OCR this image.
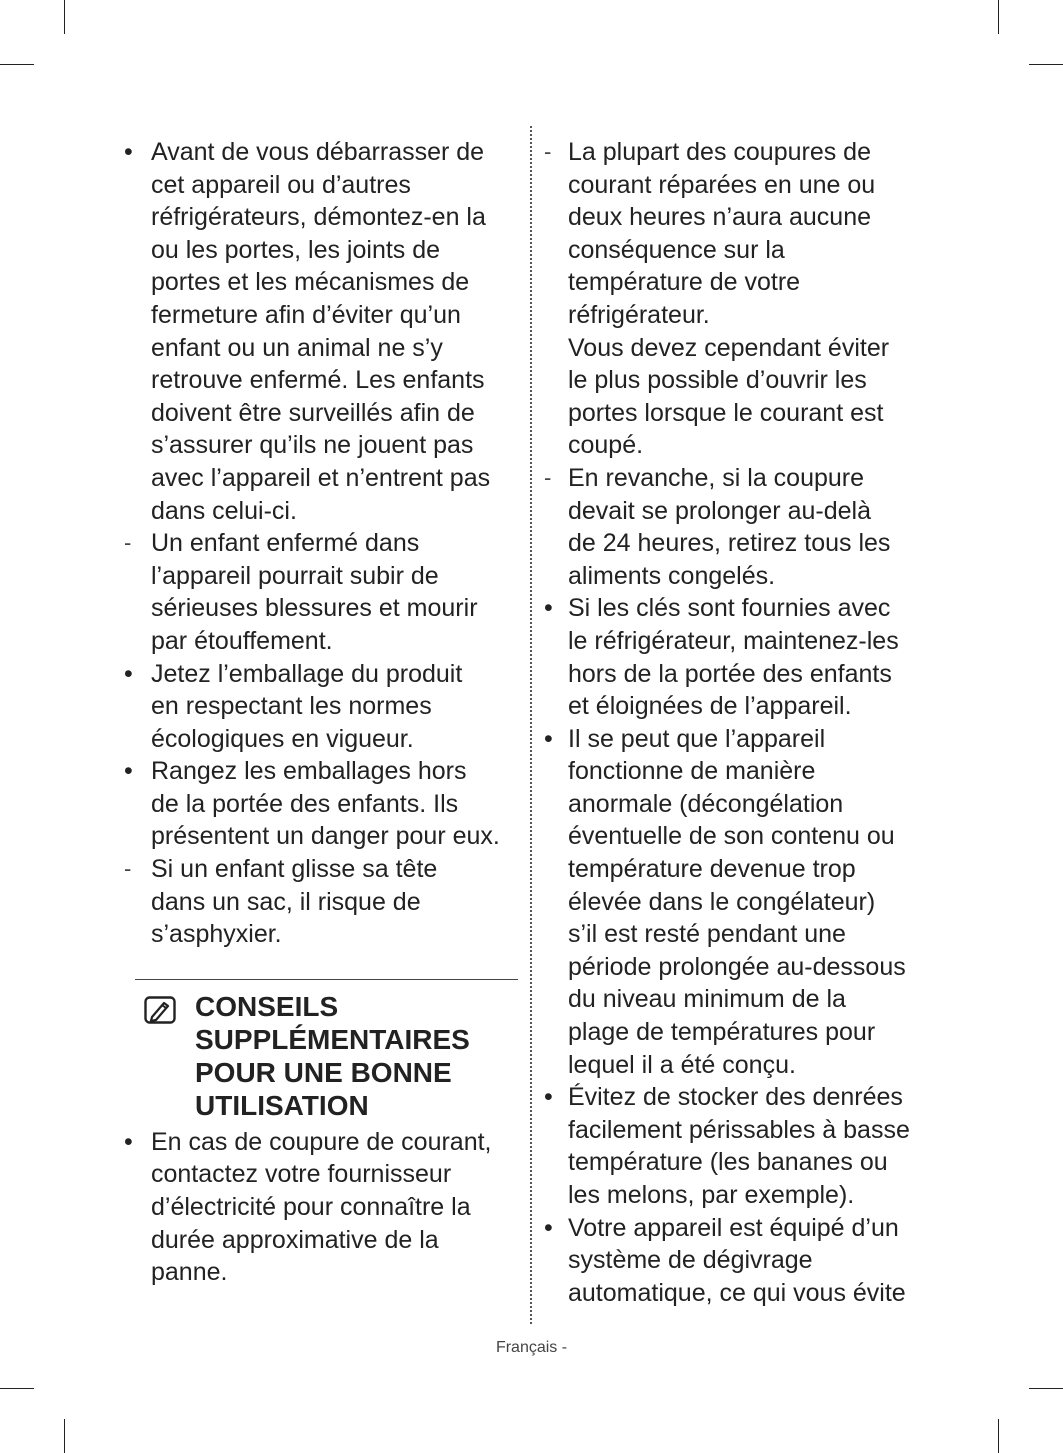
• Avant de vous débarrasser de
cet appareil ou d’autres
réfrigérateurs, démontez-en la
ou les portes, les joints de
portes et les mécanismes de
fermeture afin d’éviter qu’un
enfant ou un animal ne s’y
retrouve enfermé. Les enfants
doivent être surveillés afin de
s’assurer qu’ils ne jouent pas
avec l’appareil et n’entrent pas
dans celui-ci.
- Un enfant enfermé dans
l’appareil pourrait subir de
sérieuses blessures et mourir
par étouffement.
• Jetez l’emballage du produit
en respectant les normes
écologiques en vigueur.
• Rangez les emballages hors
de la portée des enfants. Ils
présentent un danger pour eux.
- Si un enfant glisse sa tête
dans un sac, il risque de
s’asphyxier.
CONSEILS
SUPPLÉMENTAIRES
POUR UNE BONNE
UTILISATION
• En cas de coupure de courant,
contactez votre fournisseur
d’électricité pour connaître la
durée approximative de la
panne.
- La plupart des coupures de
courant réparées en une ou
deux heures n’aura aucune
conséquence sur la
température de votre
réfrigérateur.
Vous devez cependant éviter
le plus possible d’ouvrir les
portes lorsque le courant est
coupé.
- En revanche, si la coupure
devait se prolonger au-delà
de 24 heures, retirez tous les
aliments congelés.
• Si les clés sont fournies avec
le réfrigérateur, maintenez-les
hors de la portée des enfants
et éloignées de l’appareil.
• Il se peut que l’appareil
fonctionne de manière
anormale (décongélation
éventuelle de son contenu ou
température devenue trop
élevée dans le congélateur)
s’il est resté pendant une
période prolongée au-dessous
du niveau minimum de la
plage de températures pour
lequel il a été conçu.
• Évitez de stocker des denrées
facilement périssables à basse
température (les bananes ou
les melons, par exemple).
• Votre appareil est équipé d’un
système de dégivrage
automatique, ce qui vous évite
Français -
